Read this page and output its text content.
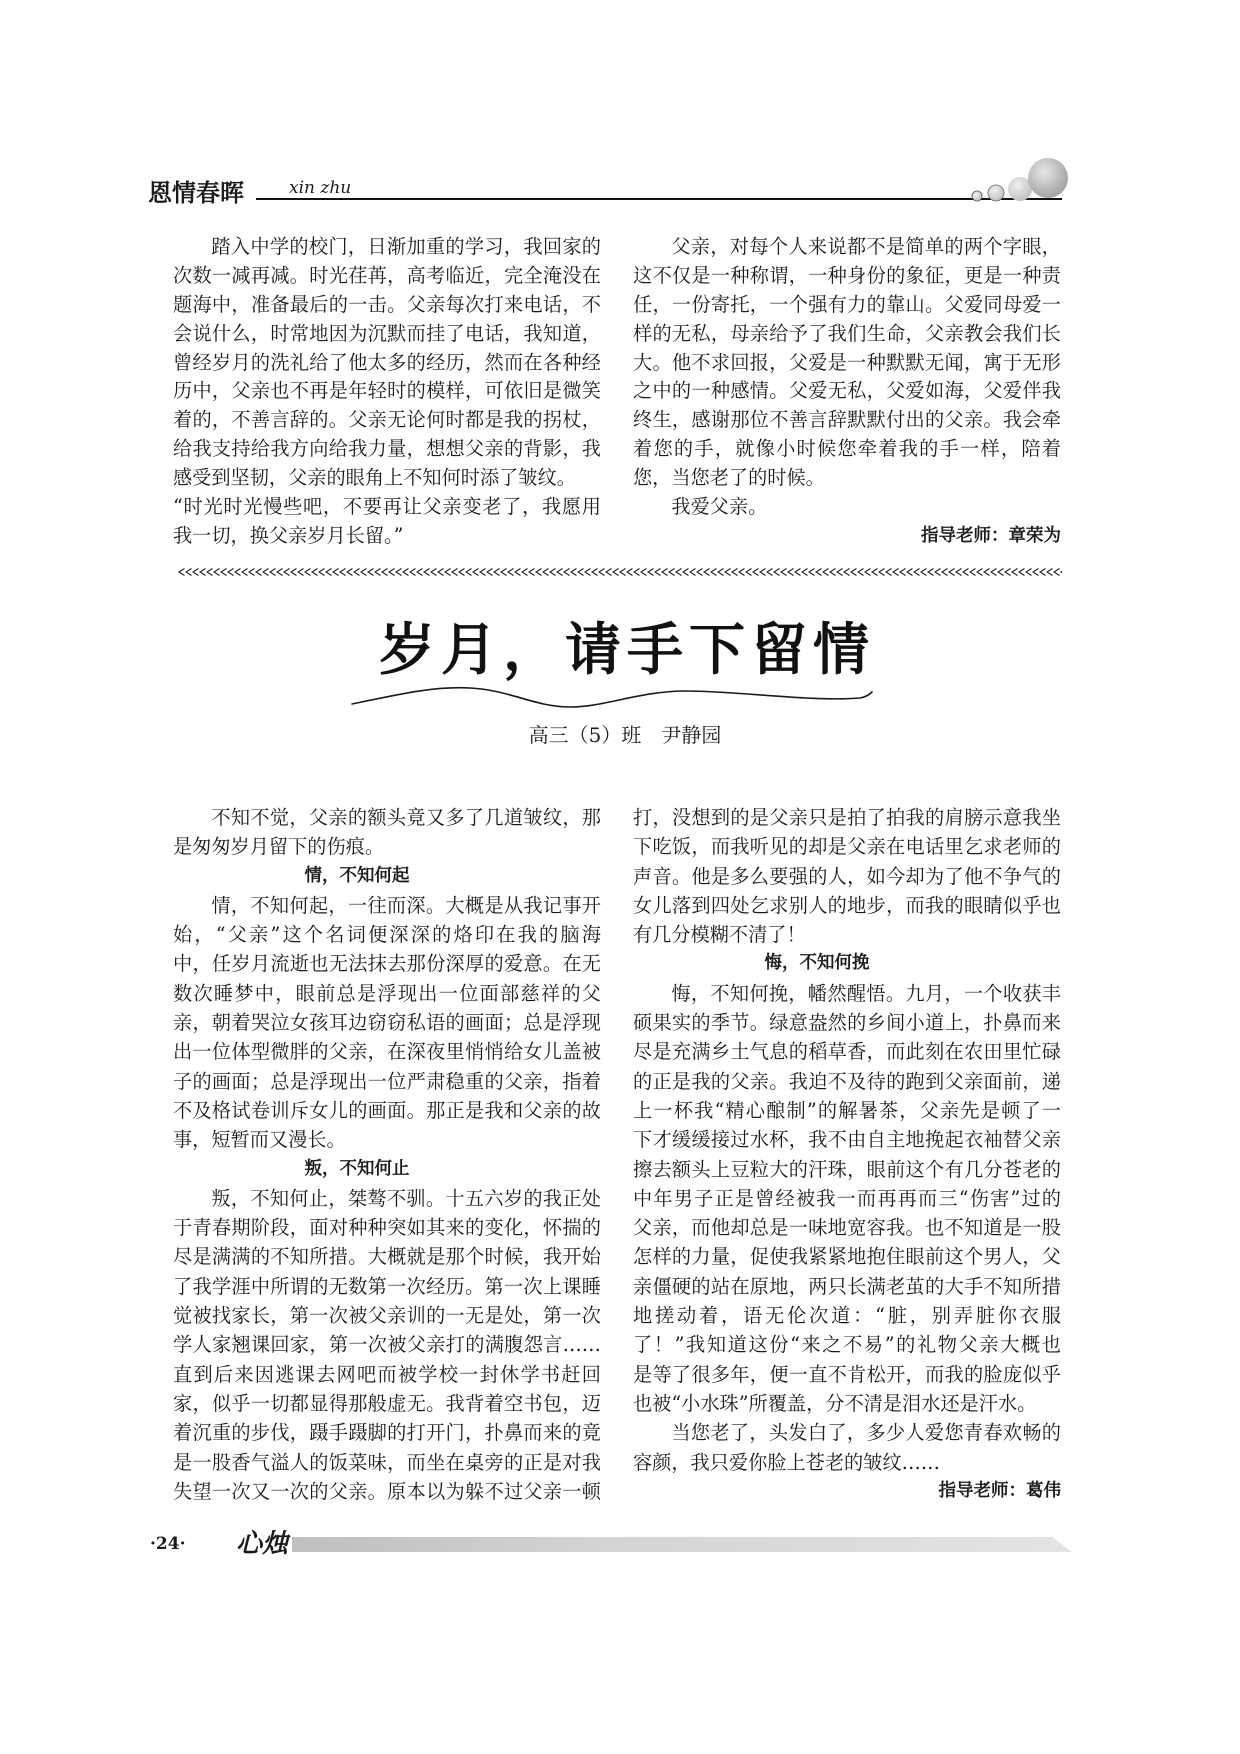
恩情春晖	xin zhu
踏入中学的校门，日渐加重的学习，我回家的
次数一减再减。时光荏苒，高考临近，完全淹没在
题海中，准备最后的一击。父亲每次打来电话，不
会说什么，时常地因为沉默而挂了电话，我知道，
曾经岁月的洗礼给了他太多的经历，然而在各种经
历中，父亲也不再是年轻时的模样，可依旧是微笑
着的，不善言辞的。父亲无论何时都是我的拐杖，
给我支持给我方向给我力量，想想父亲的背影，我
感受到坚韧，父亲的眼角上不知何时添了皱纹。
“时光时光慢些吧，不要再让父亲变老了，我愿用
我一切，换父亲岁月长留。”
父亲，对每个人来说都不是简单的两个字眼，
这不仅是一种称谓，一种身份的象征，更是一种责
任，一份寄托，一个强有力的靠山。父爱同母爱一
样的无私，母亲给予了我们生命，父亲教会我们长
大。他不求回报，父爱是一种默默无闻，寓于无形
之中的一种感情。父爱无私，父爱如海，父爱伴我
终生，感谢那位不善言辞默默付出的父亲。我会牵
着您的手，就像小时候您牵着我的手一样，陪着
您，当您老了的时候。
我爱父亲。
指导老师：章荣为
岁月，请手下留情
高三（5）班　尹静园
不知不觉，父亲的额头竟又多了几道皱纹，那
是匆匆岁月留下的伤痕。
情，不知何起
情，不知何起，一往而深。大概是从我记事开
始，“父亲”这个名词便深深的烙印在我的脑海
中，任岁月流逝也无法抹去那份深厚的爱意。在无
数次睡梦中，眼前总是浮现出一位面部慈祥的父
亲，朝着哭泣女孩耳边窃窃私语的画面；总是浮现
出一位体型微胖的父亲，在深夜里悄悄给女儿盖被
子的画面；总是浮现出一位严肃稳重的父亲，指着
不及格试卷训斥女儿的画面。那正是我和父亲的故
事，短暂而又漫长。
叛，不知何止
叛，不知何止，桀骜不驯。十五六岁的我正处
于青春期阶段，面对种种突如其来的变化，怀揣的
尽是满满的不知所措。大概就是那个时候，我开始
了我学涯中所谓的无数第一次经历。第一次上课睡
觉被找家长，第一次被父亲训的一无是处，第一次
学人家翘课回家，第一次被父亲打的满腹怨言……
直到后来因逃课去网吧而被学校一封休学书赶回
家，似乎一切都显得那般虚无。我背着空书包，迈
着沉重的步伐，蹑手蹑脚的打开门，扑鼻而来的竟
是一股香气溢人的饭菜味，而坐在桌旁的正是对我
失望一次又一次的父亲。原本以为躲不过父亲一顿
打，没想到的是父亲只是拍了拍我的肩膀示意我坐
下吃饭，而我听见的却是父亲在电话里乞求老师的
声音。他是多么要强的人，如今却为了他不争气的
女儿落到四处乞求别人的地步，而我的眼睛似乎也
有几分模糊不清了！
悔，不知何挽
悔，不知何挽，幡然醒悟。九月，一个收获丰
硕果实的季节。绿意盎然的乡间小道上，扑鼻而来
尽是充满乡土气息的稻草香，而此刻在农田里忙碌
的正是我的父亲。我迫不及待的跑到父亲面前，递
上一杯我“精心酿制”的解暑茶，父亲先是顿了一
下才缓缓接过水杯，我不由自主地挽起衣袖替父亲
擦去额头上豆粒大的汗珠，眼前这个有几分苍老的
中年男子正是曾经被我一而再再而三“伤害”过的
父亲，而他却总是一味地宽容我。也不知道是一股
怎样的力量，促使我紧紧地抱住眼前这个男人，父
亲僵硬的站在原地，两只长满老茧的大手不知所措
地搓动着，语无伦次道：“脏，别弄脏你衣服
了！”我知道这份“来之不易”的礼物父亲大概也
是等了很多年，便一直不肯松开，而我的脸庞似乎
也被“小水珠”所覆盖，分不清是泪水还是汗水。
当您老了，头发白了，多少人爱您青春欢畅的
容颜，我只爱你脸上苍老的皱纹……
指导老师：葛伟
·24· 心烛
